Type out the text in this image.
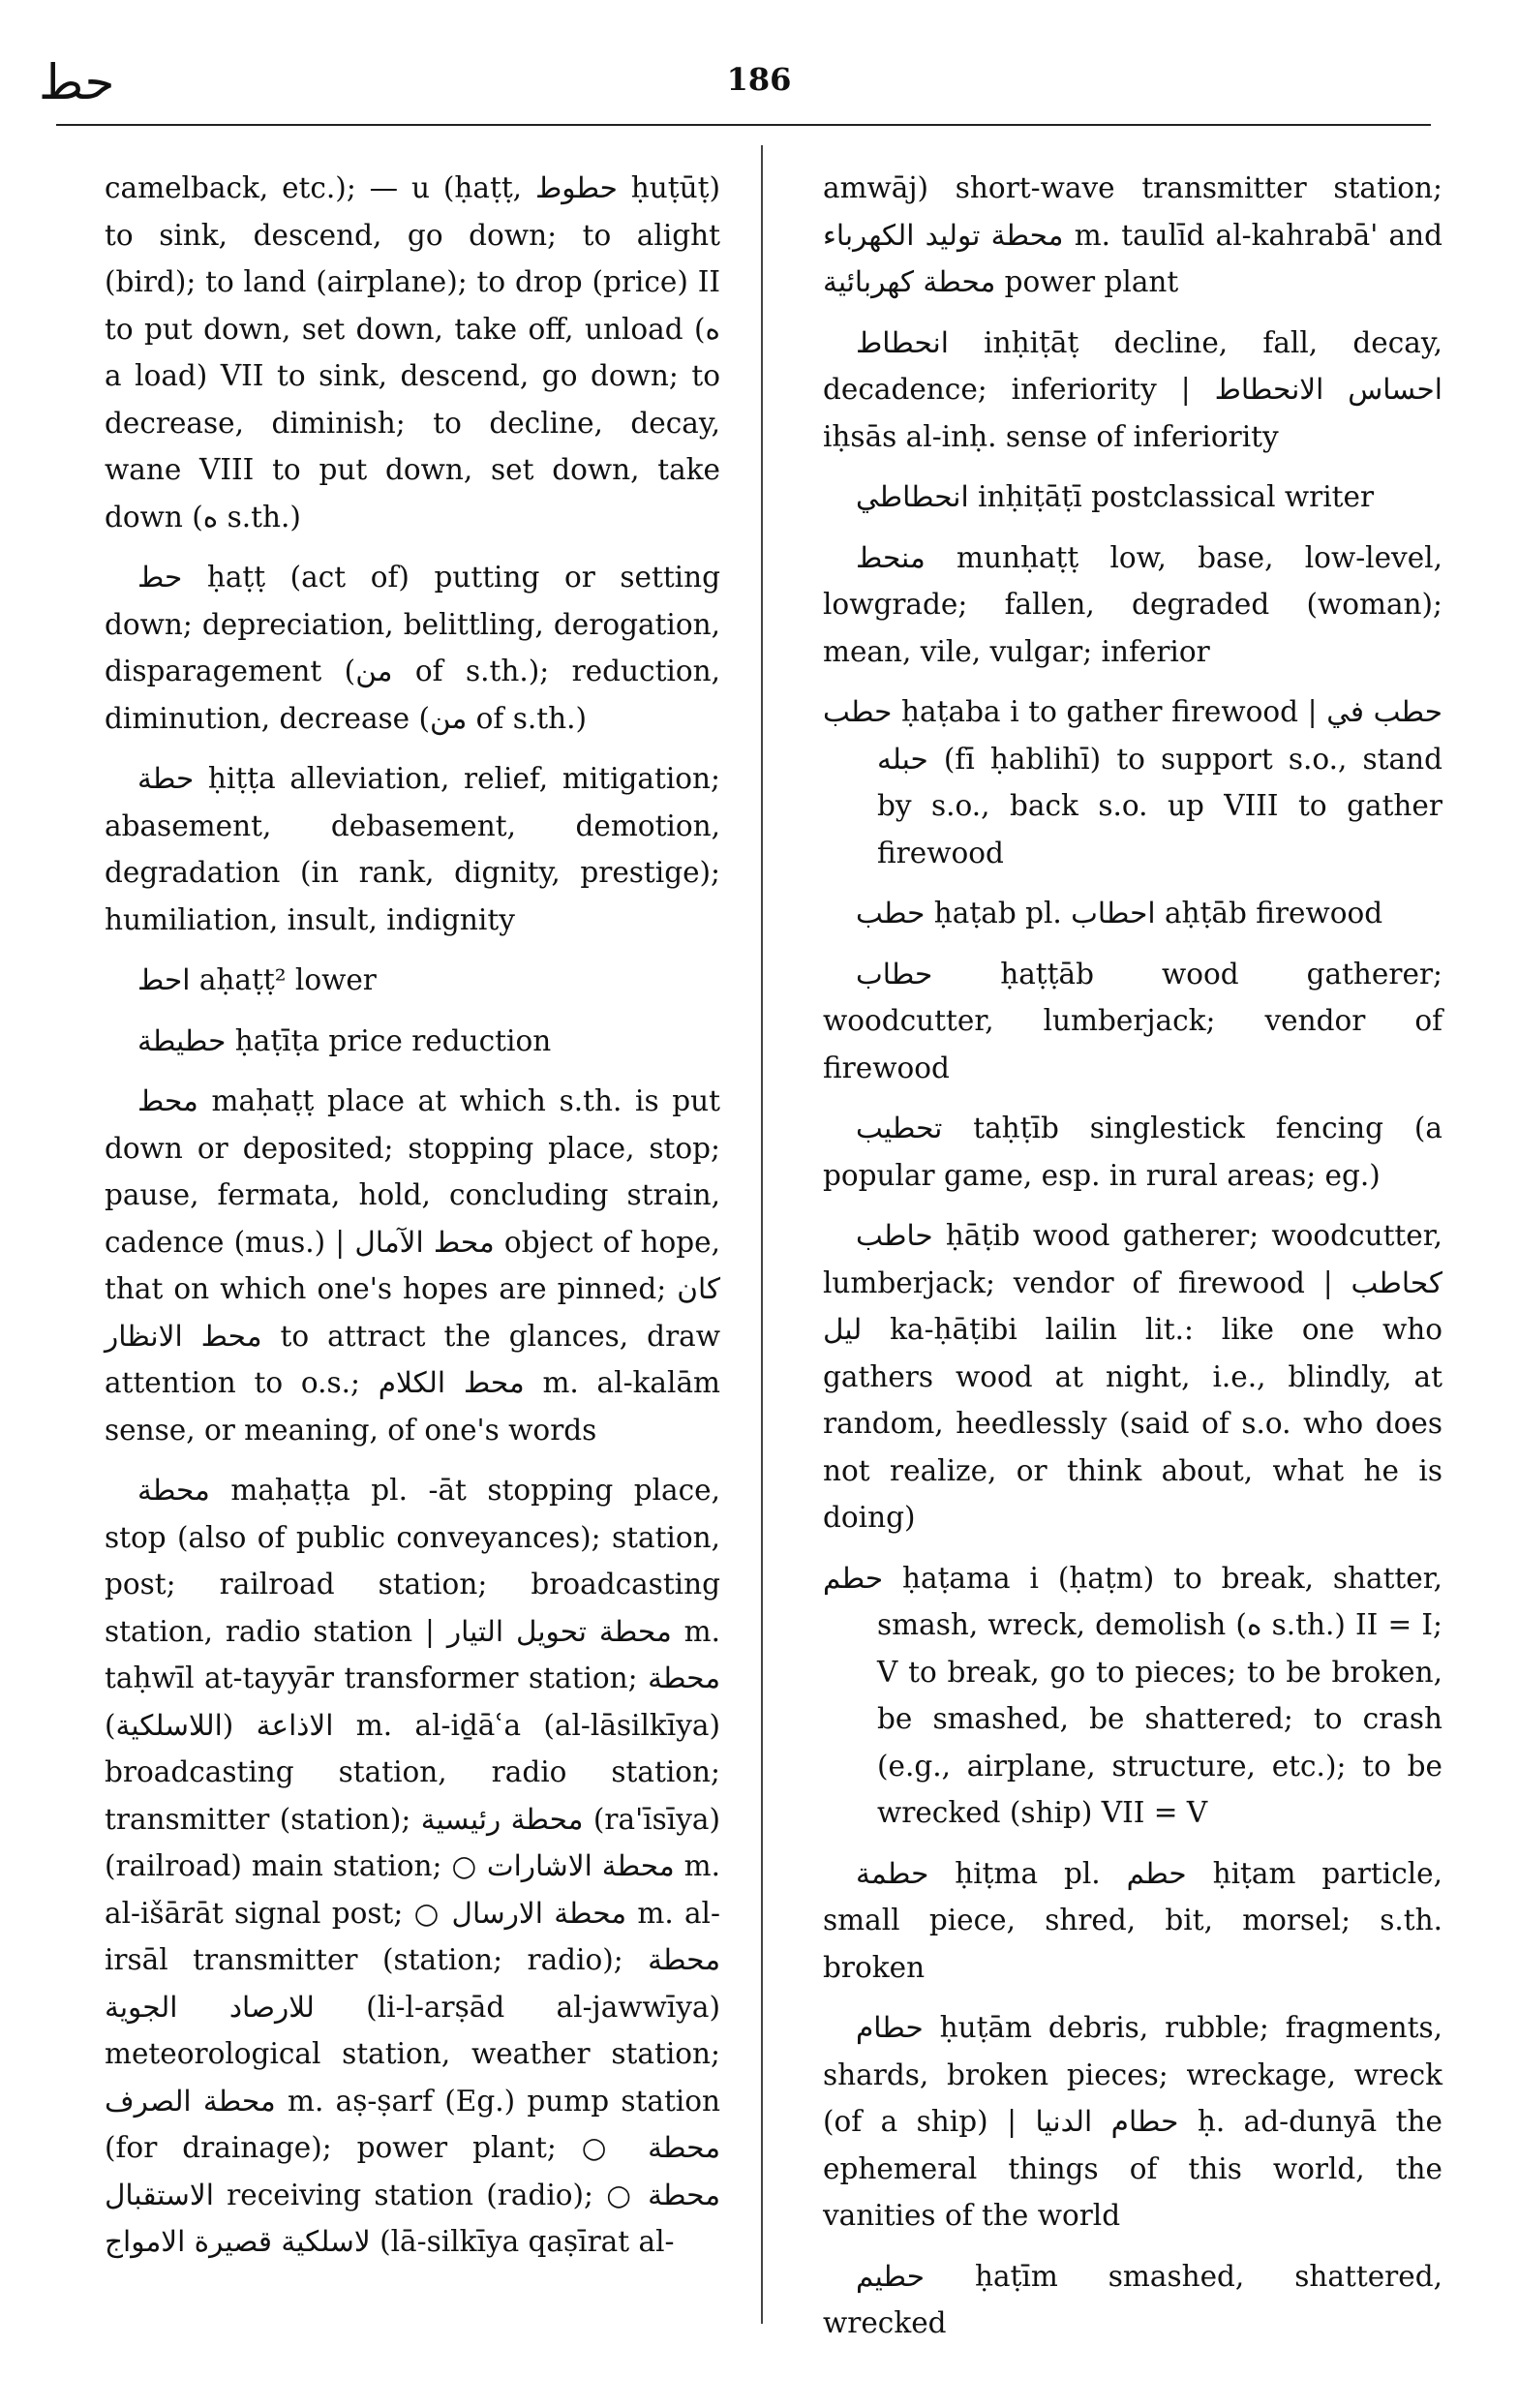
حط	186

camelback, etc.); — u (ḥaṭṭ, حطوط ḥuṭūṭ) to sink, descend, go down; to alight (bird); to land (airplane); to drop (price) II to put down, set down, take off, unload (ه a load) VII to sink, descend, go down; to decrease, diminish; to decline, decay, wane VIII to put down, set down, take down (ه s.th.)

حط ḥaṭṭ (act of) putting or setting down; depreciation, belittling, derogation, disparagement (من of s.th.); reduction, diminution, decrease (من of s.th.)

حطة ḥiṭṭa alleviation, relief, mitigation; abasement, debasement, demotion, degradation (in rank, dignity, prestige); humiliation, insult, indignity

احط aḥaṭṭ² lower

حطيطة ḥaṭīṭa price reduction

محط maḥaṭṭ place at which s.th. is put down or deposited; stopping place, stop; pause, fermata, hold, concluding strain, cadence (mus.) | محط الآمال object of hope, that on which one's hopes are pinned; كان محط الانظار to attract the glances, draw attention to o.s.; محط الكلام m. al-kalām sense, or meaning, of one's words

محطة maḥaṭṭa pl. -āt stopping place, stop (also of public conveyances); station, post; railroad station; broadcasting station, radio station | محطة تحويل التيار m. taḥwīl at-tayyār transformer station; محطة الاذاعة (اللاسلكية) m. al-iḏāʿa (al-lāsilkīya) broadcasting station, radio station; transmitter (station); محطة رئيسية (ra'īsīya) (railroad) main station; ○ محطة الاشارات m. al-išārāt signal post; ○ محطة الارسال m. al-irsāl transmitter (station; radio); محطة للارصاد الجوية (li-l-arṣād al-jawwīya) meteorological station, weather station; محطة الصرف m. aṣ-ṣarf (Eg.) pump station (for drainage); power plant; ○ محطة الاستقبال receiving station (radio); ○ محطة لاسلكية قصيرة الامواج (lā-silkīya qaṣīrat al-

amwāj) short-wave transmitter station; محطة توليد الكهرباء m. taulīd al-kahrabā' and محطة كهربائية power plant

انحطاط inḥiṭāṭ decline, fall, decay, decadence; inferiority | احساس الانحطاط iḥsās al-inḥ. sense of inferiority

انحطاطي inḥiṭāṭī postclassical writer

منحط munḥaṭṭ low, base, low-level, lowgrade; fallen, degraded (woman); mean, vile, vulgar; inferior

حطب ḥaṭaba i to gather firewood | حطب في حبله (fī ḥablihī) to support s.o., stand by s.o., back s.o. up VIII to gather firewood

حطب ḥaṭab pl. احطاب aḥṭāb firewood

حطاب ḥaṭṭāb wood gatherer; woodcutter, lumberjack; vendor of firewood

تحطيب taḥṭīb singlestick fencing (a popular game, esp. in rural areas; eg.)

حاطب ḥāṭib wood gatherer; woodcutter, lumberjack; vendor of firewood | كحاطب ليل ka-ḥāṭibi lailin lit.: like one who gathers wood at night, i.e., blindly, at random, heedlessly (said of s.o. who does not realize, or think about, what he is doing)

حطم ḥaṭama i (ḥaṭm) to break, shatter, smash, wreck, demolish (ه s.th.) II = I; V to break, go to pieces; to be broken, be smashed, be shattered; to crash (e.g., airplane, structure, etc.); to be wrecked (ship) VII = V

حطمة ḥiṭma pl. حطم ḥiṭam particle, small piece, shred, bit, morsel; s.th. broken

حطام ḥuṭām debris, rubble; fragments, shards, broken pieces; wreckage, wreck (of a ship) | حطام الدنيا ḥ. ad-dunyā the ephemeral things of this world, the vanities of the world

حطيم ḥaṭīm smashed, shattered, wrecked
